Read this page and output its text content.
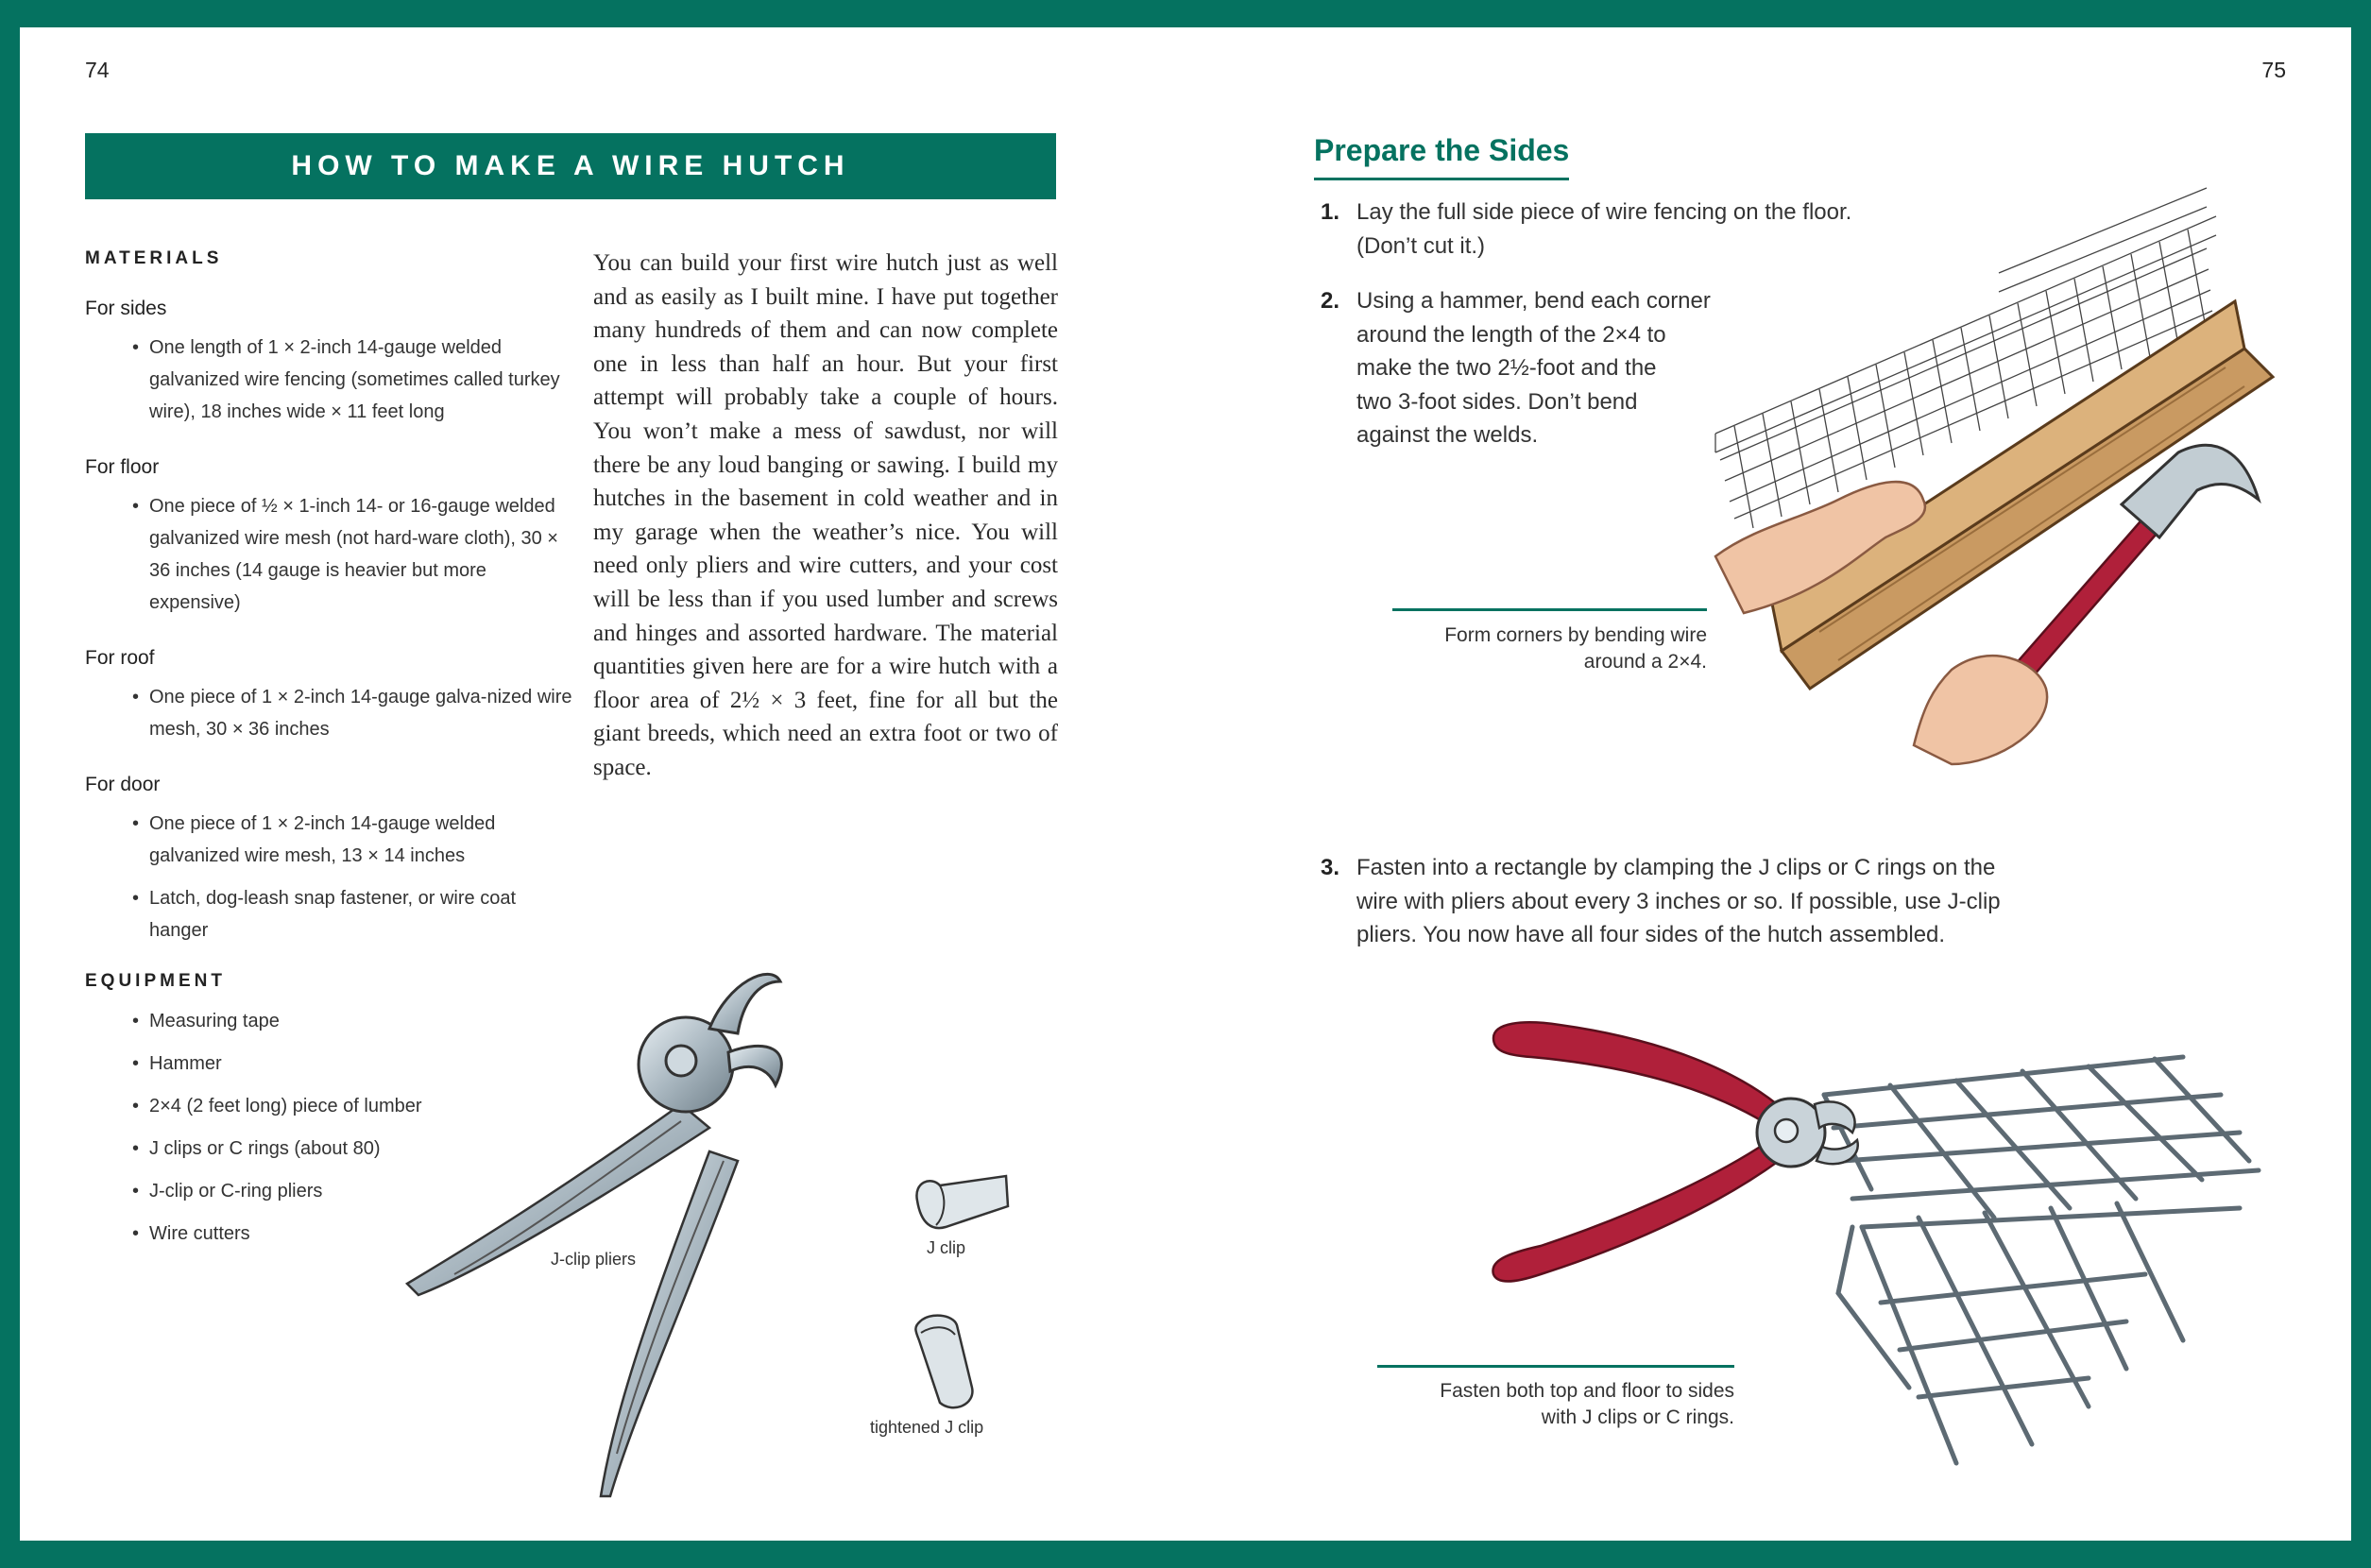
74	75
HOW TO MAKE A WIRE HUTCH
MATERIALS
For sides
• One length of 1 × 2-inch 14-gauge welded galvanized wire fencing (sometimes called turkey wire), 18 inches wide × 11 feet long
For floor
• One piece of ½ × 1-inch 14- or 16-gauge welded galvanized wire mesh (not hard-ware cloth), 30 × 36 inches (14 gauge is heavier but more expensive)
For roof
• One piece of 1 × 2-inch 14-gauge galva-nized wire mesh, 30 × 36 inches
For door
• One piece of 1 × 2-inch 14-gauge welded galvanized wire mesh, 13 × 14 inches
• Latch, dog-leash snap fastener, or wire coat hanger
EQUIPMENT
• Measuring tape
• Hammer
• 2×4 (2 feet long) piece of lumber
• J clips or C rings (about 80)
• J-clip or C-ring pliers
• Wire cutters
You can build your first wire hutch just as well and as easily as I built mine. I have put together many hundreds of them and can now complete one in less than half an hour. But your first attempt will probably take a couple of hours. You won’t make a mess of sawdust, nor will there be any loud banging or sawing. I build my hutches in the basement in cold weather and in my garage when the weather’s nice. You will need only pliers and wire cutters, and your cost will be less than if you used lumber and screws and hinges and assorted hardware. The material quantities given here are for a wire hutch with a floor area of 2½ × 3 feet, fine for all but the giant breeds, which need an extra foot or two of space.
J-clip pliers
J clip
tightened J clip
Prepare the Sides
1. Lay the full side piece of wire fencing on the floor.
(Don’t cut it.)
2. Using a hammer, bend each corner
around the length of the 2×4 to
make the two 2½-foot and the
two 3-foot sides. Don’t bend
against the welds.
Form corners by bending wire
around a 2×4.
3. Fasten into a rectangle by clamping the J clips or C rings on the
wire with pliers about every 3 inches or so. If possible, use J-clip
pliers. You now have all four sides of the hutch assembled.
Fasten both top and floor to sides
with J clips or C rings.
